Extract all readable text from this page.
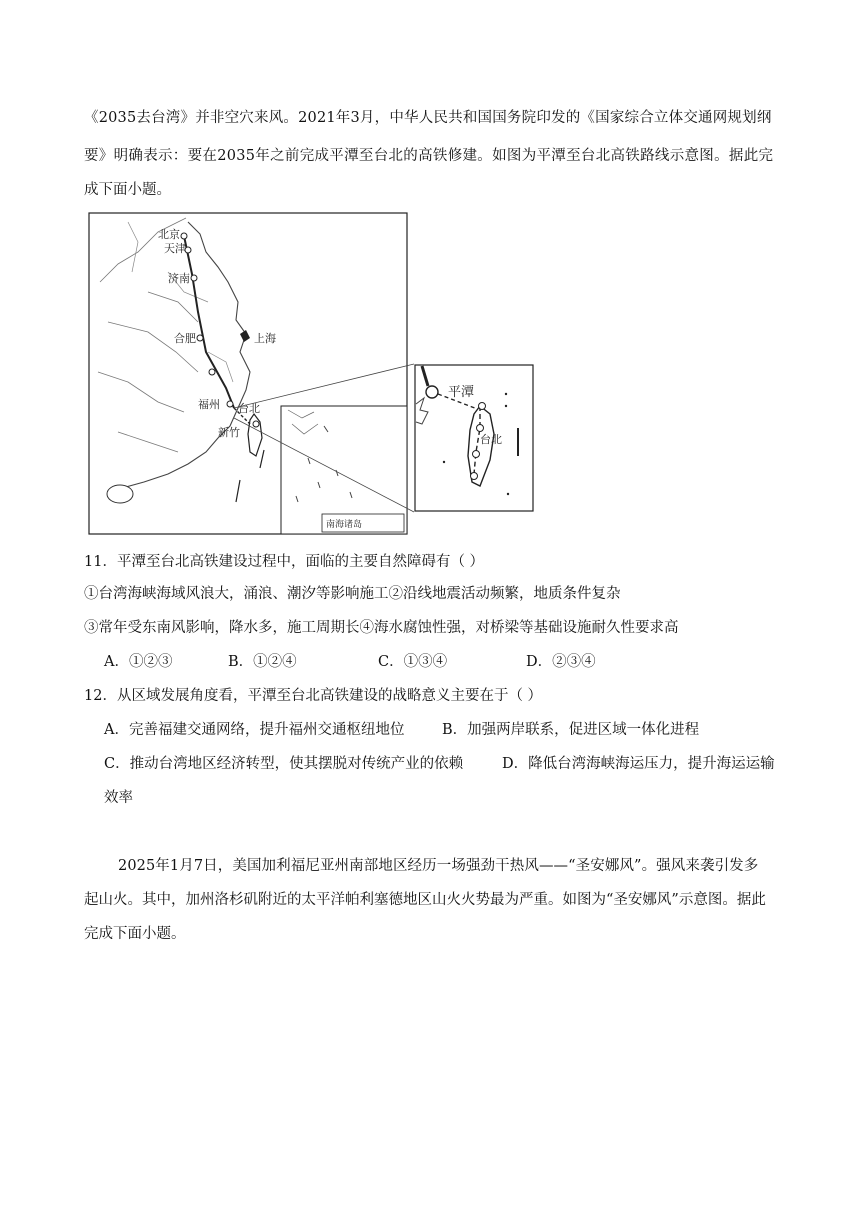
《2035去台湾》并非空穴来风。2021年3月，中华人民共和国国务院印发的《国家综合立体交通网规划纲
要》明确表示：要在2035年之前完成平潭至台北的高铁修建。如图为平潭至台北高铁路线示意图。据此完
成下面小题。
北京
天津
济南
合肥	上海
福州 台北
新竹
南海诸岛
平潭
台北
11．平潭至台北高铁建设过程中，面临的主要自然障碍有（ ）
①台湾海峡海域风浪大，涌浪、潮汐等影响施工②沿线地震活动频繁，地质条件复杂
③常年受东南风影响，降水多，施工周期长④海水腐蚀性强，对桥梁等基础设施耐久性要求高
A．①②③	B．①②④	C．①③④	D．②③④
12．从区域发展角度看，平潭至台北高铁建设的战略意义主要在于（ ）
A．完善福建交通网络，提升福州交通枢纽地位	B．加强两岸联系，促进区域一体化进程
C．推动台湾地区经济转型，使其摆脱对传统产业的依赖	D．降低台湾海峡海运压力，提升海运运输
效率
2025年1月7日，美国加利福尼亚州南部地区经历一场强劲干热风——“圣安娜风”。强风来袭引发多
起山火。其中，加州洛杉矶附近的太平洋帕利塞德地区山火火势最为严重。如图为“圣安娜风”示意图。据此
完成下面小题。
